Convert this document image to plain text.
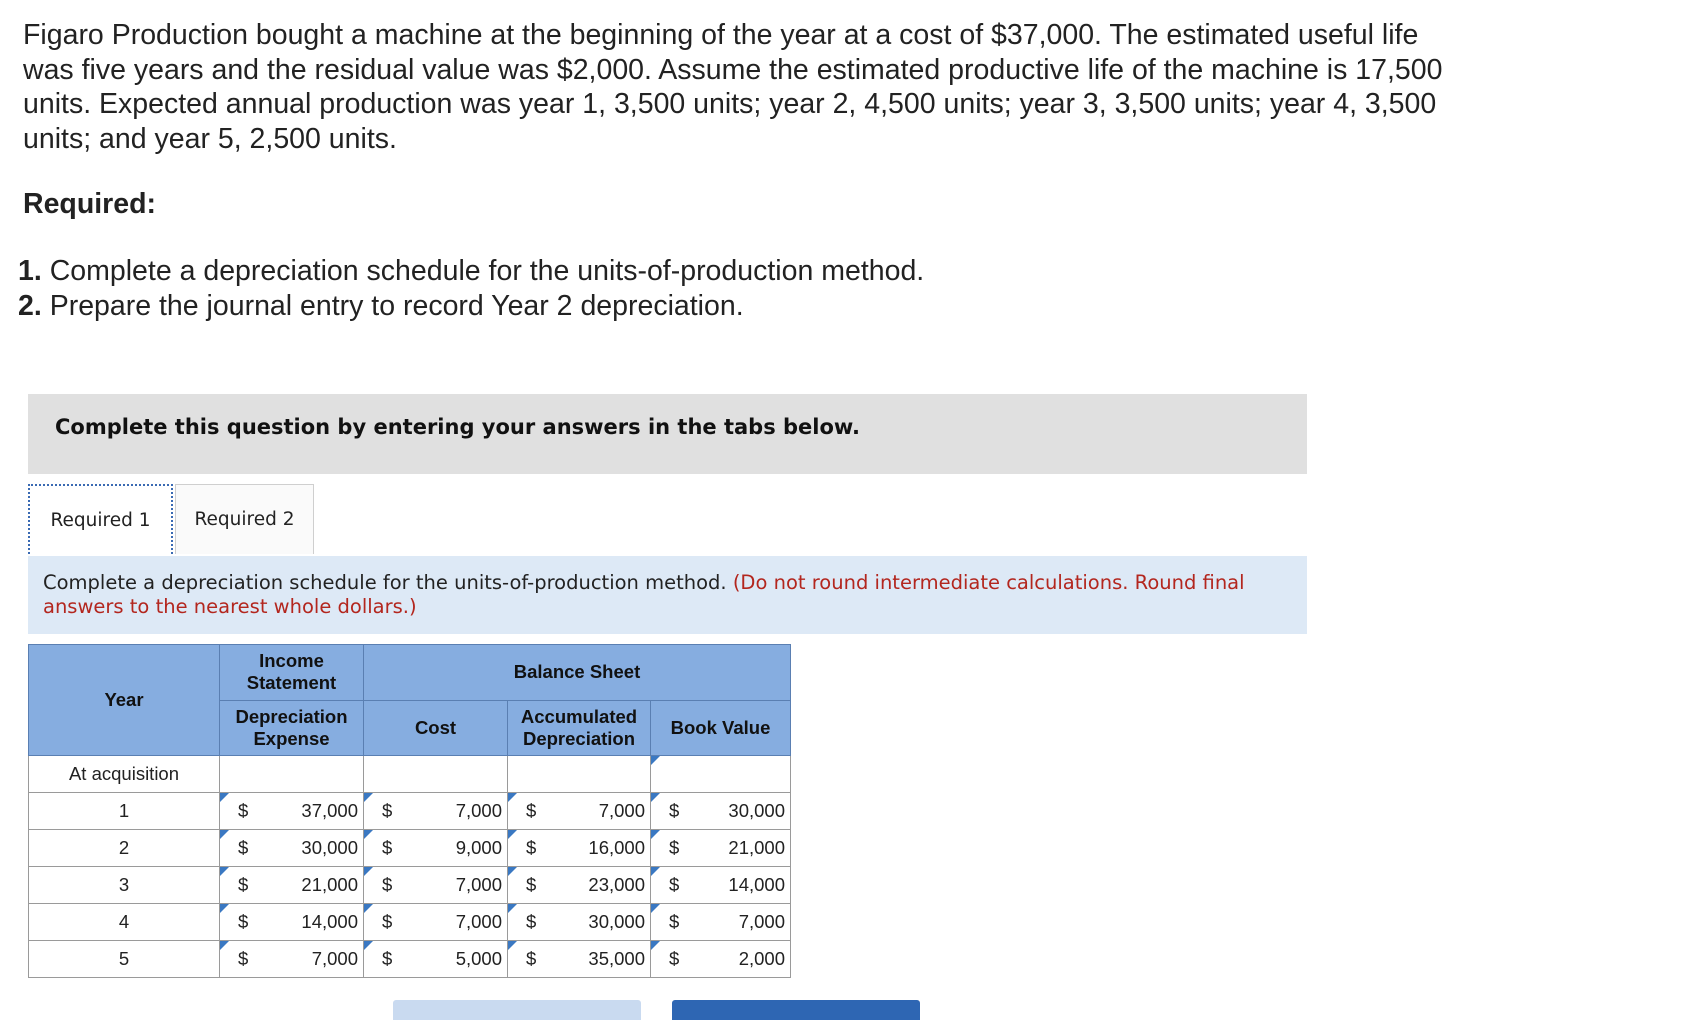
Figaro Production bought a machine at the beginning of the year at a cost of $37,000. The estimated useful life was five years and the residual value was $2,000. Assume the estimated productive life of the machine is 17,500 units. Expected annual production was year 1, 3,500 units; year 2, 4,500 units; year 3, 3,500 units; year 4, 3,500 units; and year 5, 2,500 units.
Required:
1. Complete a depreciation schedule for the units-of-production method.
2. Prepare the journal entry to record Year 2 depreciation.
Complete this question by entering your answers in the tabs below.
Required 1	Required 2

Complete a depreciation schedule for the units-of-production method. (Do not round intermediate calculations. Round final answers to the nearest whole dollars.)

Year	Income Statement	Balance Sheet		
	Depreciation Expense	Cost	Accumulated Depreciation	Book Value
At acquisition				

1	$ 37,000	$ 7,000	$ 7,000	$ 30,000

2	$ 30,000	$ 9,000	$ 16,000	$ 21,000

3	$ 21,000	$ 7,000	$ 23,000	$ 14,000

4	$ 14,000	$ 7,000	$ 30,000	$ 7,000

5	$ 7,000	$ 5,000	$ 35,000	$ 2,000
